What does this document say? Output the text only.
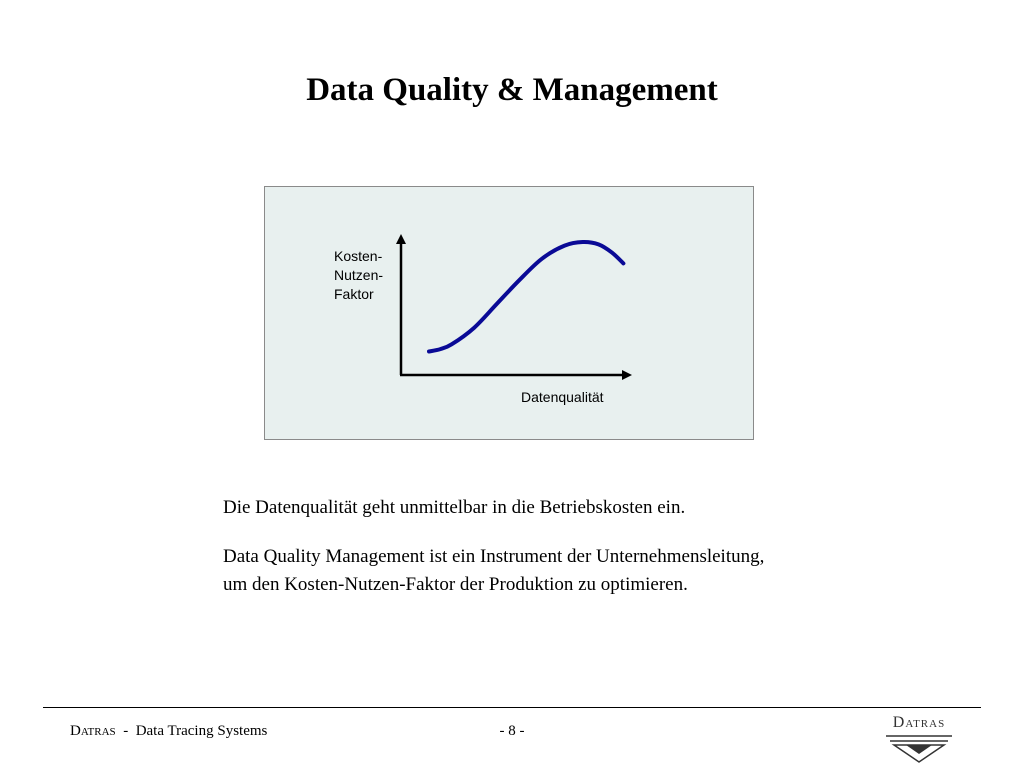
Data Quality & Management
Kosten-
Nutzen-
Faktor
Datenqualität

Die Datenqualität geht unmittelbar in die Betriebskosten ein.

Data Quality Management ist ein Instrument der Unternehmensleitung,
um den Kosten-Nutzen-Faktor der Produktion zu optimieren.

Datras - Data Tracing Systems	- 8 -	Datras
